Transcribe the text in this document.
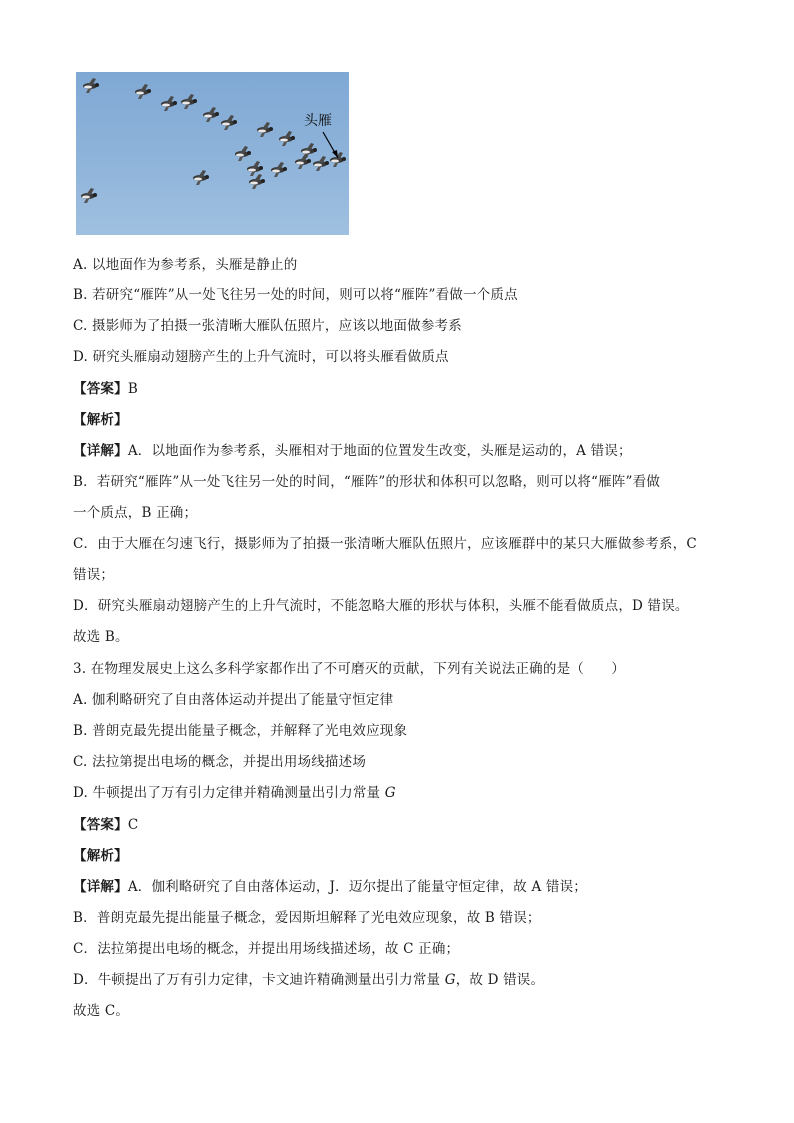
头雁
A. 以地面作为参考系，头雁是静止的
B. 若研究“雁阵”从一处飞往另一处的时间，则可以将“雁阵”看做一个质点
C. 摄影师为了拍摄一张清晰大雁队伍照片，应该以地面做参考系
D. 研究头雁扇动翅膀产生的上升气流时，可以将头雁看做质点
【答案】B
【解析】
【详解】A．以地面作为参考系，头雁相对于地面的位置发生改变，头雁是运动的，A 错误；
B．若研究“雁阵”从一处飞往另一处的时间，“雁阵”的形状和体积可以忽略，则可以将“雁阵”看做
一个质点，B 正确；
C．由于大雁在匀速飞行，摄影师为了拍摄一张清晰大雁队伍照片，应该雁群中的某只大雁做参考系，C
错误；
D．研究头雁扇动翅膀产生的上升气流时，不能忽略大雁的形状与体积，头雁不能看做质点，D 错误。
故选 B。
3. 在物理发展史上这么多科学家都作出了不可磨灭的贡献，下列有关说法正确的是（　　）
A. 伽利略研究了自由落体运动并提出了能量守恒定律
B. 普朗克最先提出能量子概念，并解释了光电效应现象
C. 法拉第提出电场的概念，并提出用场线描述场
D. 牛顿提出了万有引力定律并精确测量出引力常量 G
【答案】C
【解析】
【详解】A．伽利略研究了自由落体运动，J．迈尔提出了能量守恒定律，故 A 错误；
B．普朗克最先提出能量子概念，爱因斯坦解释了光电效应现象，故 B 错误；
C．法拉第提出电场的概念，并提出用场线描述场，故 C 正确；
D．牛顿提出了万有引力定律，卡文迪许精确测量出引力常量 G，故 D 错误。
故选 C。
